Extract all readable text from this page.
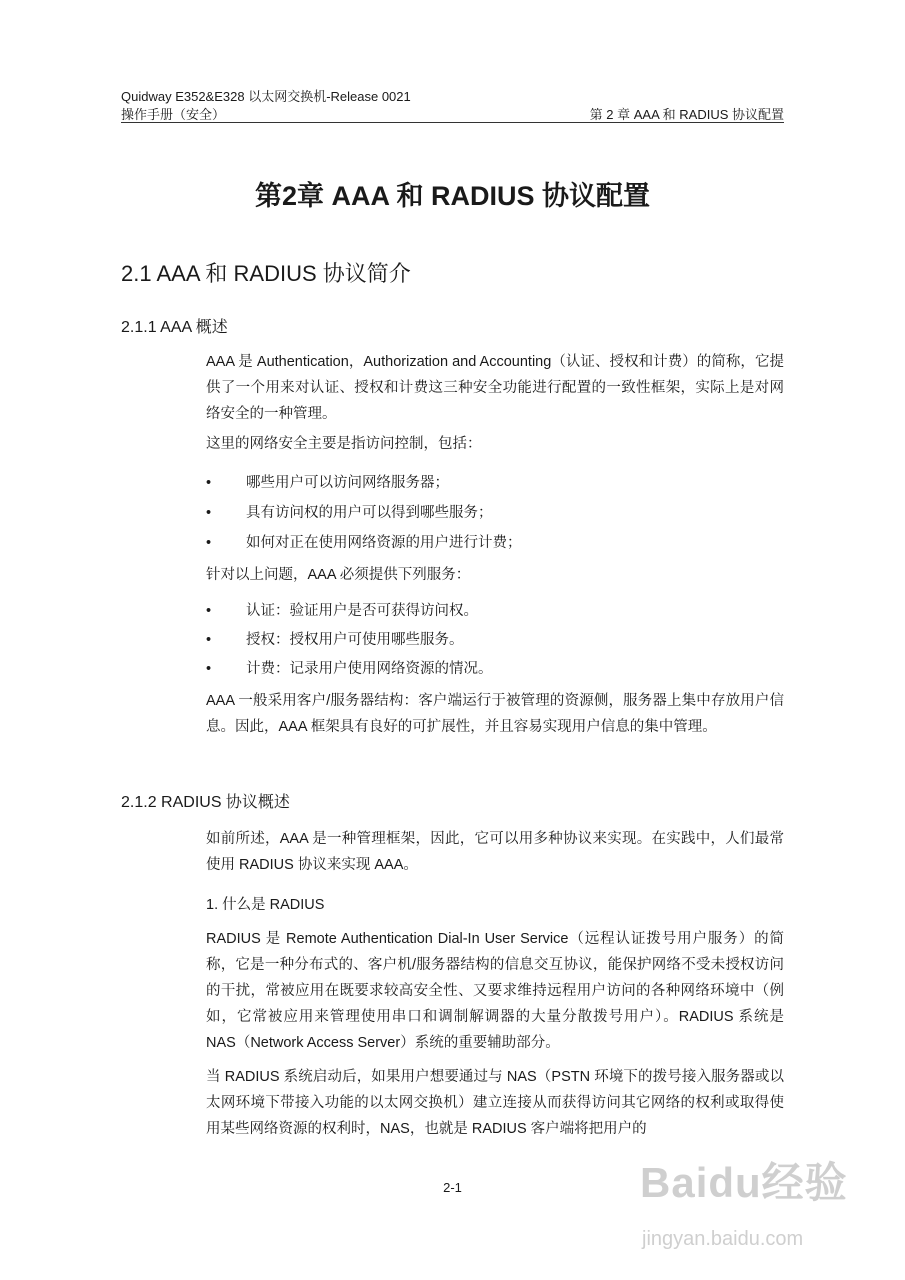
Quidway E352&E328 以太网交换机-Release 0021
操作手册（安全）	第 2 章 AAA 和 RADIUS 协议配置
第2章 AAA 和 RADIUS 协议配置
2.1 AAA 和 RADIUS 协议简介
2.1.1 AAA 概述

AAA 是 Authentication，Authorization and Accounting（认证、授权和计费）的简称，它提供了一个用来对认证、授权和计费这三种安全功能进行配置的一致性框架，实际上是对网络安全的一种管理。

这里的网络安全主要是指访问控制，包括：

• 哪些用户可以访问网络服务器；
• 具有访问权的用户可以得到哪些服务；
• 如何对正在使用网络资源的用户进行计费；

针对以上问题，AAA 必须提供下列服务：

• 认证：验证用户是否可获得访问权。
• 授权：授权用户可使用哪些服务。
• 计费：记录用户使用网络资源的情况。

AAA 一般采用客户/服务器结构：客户端运行于被管理的资源侧，服务器上集中存放用户信息。因此，AAA 框架具有良好的可扩展性，并且容易实现用户信息的集中管理。

2.1.2 RADIUS 协议概述

如前所述，AAA 是一种管理框架，因此，它可以用多种协议来实现。在实践中，人们最常使用 RADIUS 协议来实现 AAA。

1. 什么是 RADIUS

RADIUS 是 Remote Authentication Dial-In User Service（远程认证拨号用户服务）的简称，它是一种分布式的、客户机/服务器结构的信息交互协议，能保护网络不受未授权访问的干扰，常被应用在既要求较高安全性、又要求维持远程用户访问的各种网络环境中（例如，它常被应用来管理使用串口和调制解调器的大量分散拨号用户）。RADIUS 系统是 NAS（Network Access Server）系统的重要辅助部分。

当 RADIUS 系统启动后，如果用户想要通过与 NAS（PSTN 环境下的拨号接入服务器或以太网环境下带接入功能的以太网交换机）建立连接从而获得访问其它网络的权利或取得使用某些网络资源的权利时，NAS，也就是 RADIUS 客户端将把用户的

2-1	Baidu经验
jingyan.baidu.com
